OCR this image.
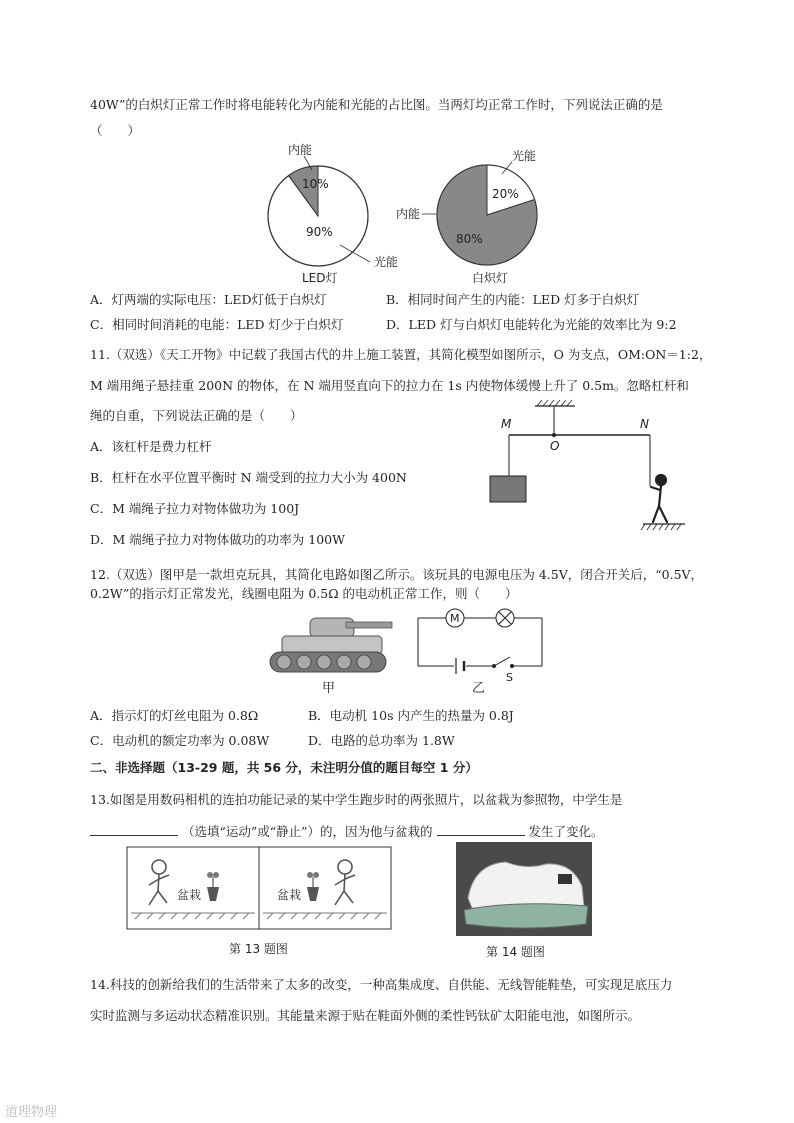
40W”的白炽灯正常工作时将电能转化为内能和光能的占比图。当两灯均正常工作时，下列说法正确的是
（　　）
10%
90%
内能
光能
LED灯
20%
80%
光能
内能
白炽灯
A．灯两端的实际电压：LED灯低于白炽灯	B．相同时间产生的内能：LED 灯多于白炽灯
C．相同时间消耗的电能：LED 灯少于白炽灯	D．LED 灯与白炽灯电能转化为光能的效率比为 9:2
11.（双选）《天工开物》中记载了我国古代的井上施工装置，其简化模型如图所示，O 为支点，OM:ON＝1:2，
M 端用绳子悬挂重 200N 的物体，在 N 端用竖直向下的拉力在 1s 内使物体缓慢上升了 0.5m。忽略杠杆和
绳的自重，下列说法正确的是（　　）
A．该杠杆是费力杠杆
B．杠杆在水平位置平衡时 N 端受到的拉力大小为 400N
C．M 端绳子拉力对物体做功为 100J
D．M 端绳子拉力对物体做功的功率为 100W
M
O
N
12.（双选）图甲是一款坦克玩具，其简化电路如图乙所示。该玩具的电源电压为 4.5V，闭合开关后，“0.5V，
甲
M
S
乙
A．指示灯的灯丝电阻为 0.8Ω	B．电动机 10s 内产生的热量为 0.8J
C．电动机的额定功率为 0.08W	D．电路的总功率为 1.8W
二、非选择题（13-29 题，共 56 分，未注明分值的题目每空 1 分）
13.如图是用数码相机的连拍功能记录的某中学生跑步时的两张照片，以盆栽为参照物，中学生是
（选填“运动”或“静止”）的，因为他与盆栽的	发生了变化。
盆栽	盆栽
第 13 题图	第 14 题图
14.科技的创新给我们的生活带来了太多的改变，一种高集成度、自供能、无线智能鞋垫，可实现足底压力
实时监测与多运动状态精准识别。其能量来源于贴在鞋面外侧的柔性钙钛矿太阳能电池，如图所示。
道理物理
0.2W”的指示灯正常发光，线圈电阻为 0.5Ω 的电动机正常工作，则（　　）
